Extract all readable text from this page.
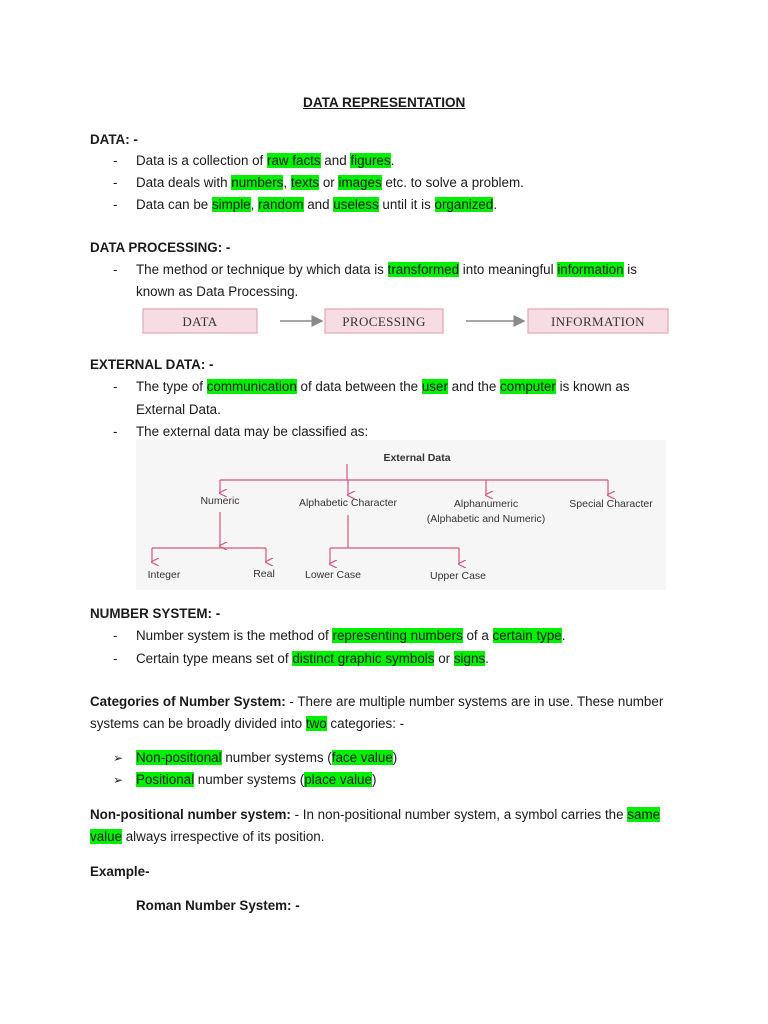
DATA REPRESENTATION
DATA: -
- Data is a collection of raw facts and figures.
- Data deals with numbers, texts or images etc. to solve a problem.
- Data can be simple, random and useless until it is organized.
DATA PROCESSING: -
- The method or technique by which data is transformed into meaningful information is
known as Data Processing.
DATA	PROCESSING	INFORMATION
EXTERNAL DATA: -
- The type of communication of data between the user and the computer is known as
External Data.
- The external data may be classified as:
External Data
Numeric	Alphabetic Character	Alphanumeric
(Alphabetic and Numeric)
Special Character
Integer	Real	Lower Case	Upper Case
NUMBER SYSTEM: -
- Number system is the method of representing numbers of a certain type.
- Certain type means set of distinct graphic symbols or signs.
Categories of Number System: - There are multiple number systems are in use. These number
systems can be broadly divided into two categories: -
➢ Non-positional number systems (face value)
➢ Positional number systems (place value)
Non-positional number system: - In non-positional number system, a symbol carries the same
value always irrespective of its position.
Example-
Roman Number System: -
